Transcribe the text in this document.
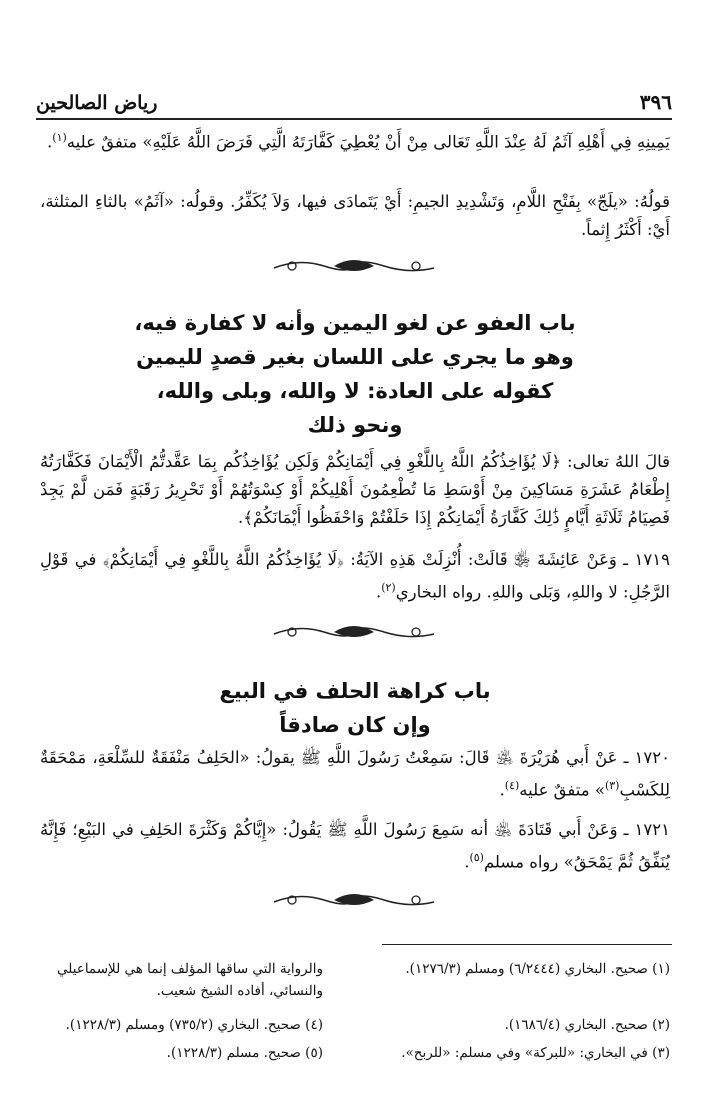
٣٩٦
رياض الصالحين
يَمِينِهِ فِي أَهْلِهِ آثَمُ لَهُ عِنْدَ اللَّهِ تَعَالى مِنْ أَنْ يُعْطِيَ كَفَّارَتَهُ الَّتِي فَرَضَ اللَّهُ عَلَيْهِ» متفقٌ عليه$^{(١)}$.
قولُهُ: «يلَجّ» بِفَتْحِ اللَّامِ، وَتَشْدِيدِ الجيمِ: أَيْ يَتَمادَى فيها، وَلاَ يُكَفِّرُ. وقولُه: «آثَمُ» بالثاءِ المثلثة، أَيْ: أَكْثَرُ إِثماً.
باب العفو عن لغو اليمين وأنه لا كفارة فيه،
وهو ما يجري على اللسان بغير قصدٍ لليمين
كقوله على العادة: لا والله، وبلى والله،
ونحو ذلك
قالَ اللهُ تعالى: ﴿لَا يُؤَاخِذُكُمُ اللَّهُ بِاللَّغْوِ فِي أَيْمَانِكُمْ وَلَكِن يُؤَاخِذُكُم بِمَا عَقَّدتُّمُ الْأَيْمَانَ فَكَفَّارَتُهُ إِطْعَامُ عَشَرَةِ مَسَاكِينَ مِنْ أَوْسَطِ مَا تُطْعِمُونَ أَهْلِيكُمْ أَوْ كِسْوَتُهُمْ أَوْ تَحْرِيرُ رَقَبَةٍ فَمَن لَّمْ يَجِدْ فَصِيَامُ ثَلَاثَةِ أَيَّامٍ ذَٰلِكَ كَفَّارَةُ أَيْمَانِكُمْ إِذَا حَلَفْتُمْ وَاحْفَظُوا أَيْمَانَكُمْ﴾.
١٧١٩ ـ وَعَنْ عَائِشَةَ ﵂ قَالَتْ: أُنْزِلَتْ هَذِهِ الآيَةُ: ﴿لَا يُؤَاخِذُكُمُ اللَّهُ بِاللَّغْوِ فِي أَيْمَانِكُمْ﴾ في قَوْلِ الرَّجُلِ: لا واللهِ، وَبَلى واللهِ. رواه البخاري$^{(٢)}$.
باب كراهة الحلف في البيع
وإن كان صادقاً
١٧٢٠ ـ عَنْ أَبي هُرَيْرَةَ ﵁ قَالَ: سَمِعْتُ رَسُولَ اللَّهِ ﷺ يقولُ: «الحَلِفُ مَنْفَقَةٌ للسِّلْعَةِ، مَمْحَقَةٌ لِلكَسْبِ$^{(٣)}$» متفقٌ عليه$^{(٤)}$.
١٧٢١ ـ وَعَنْ أَبي قَتَادَةَ ﵁ أنه سَمِعَ رَسُولَ اللَّهِ ﷺ يَقُولُ: «إِيَّاكُمْ وَكَثْرَةَ الحَلِفِ في البَيْعِ؛ فَإِنَّهُ يُنَفِّقُ ثُمَّ يَمْحَقُ» رواه مسلم$^{(٥)}$.
(١) صحيح. البخاري (٦/٢٤٤٤) ومسلم (١٢٧٦/٣).
والرواية التي ساقها المؤلف إنما هي للإسماعيلي والنسائي، أفاده الشيخ شعيب.
(٢) صحيح. البخاري (١٦٨٦/٤).
(٤) صحيح. البخاري (٧٣٥/٢) ومسلم (١٢٢٨/٣).
(٣) في البخاري: «للبركة» وفي مسلم: «للربح».
(٥) صحيح. مسلم (١٢٢٨/٣).
